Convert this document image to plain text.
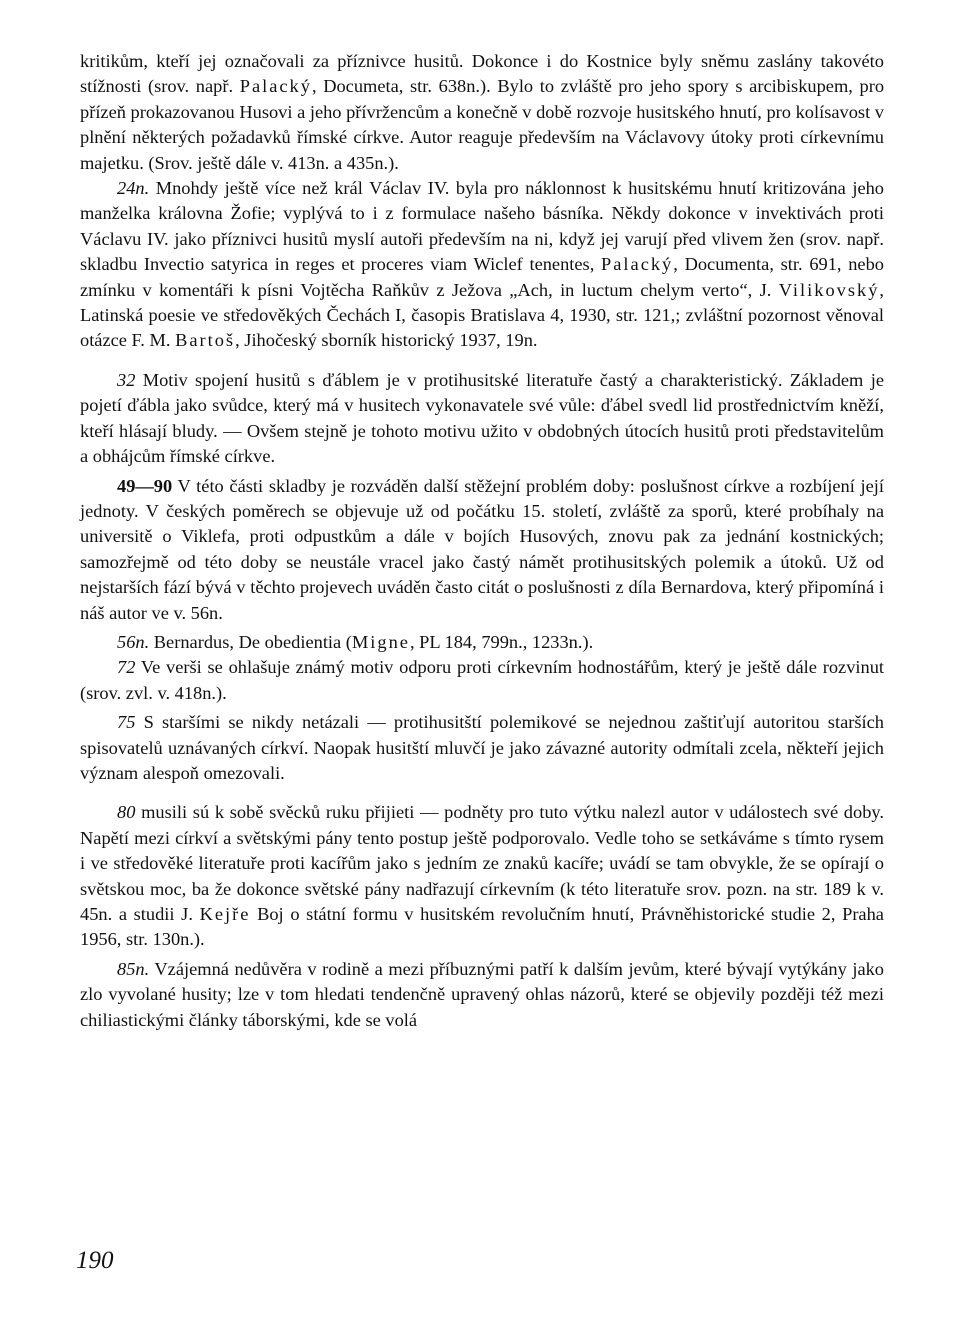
kritikům, kteří jej označovali za příznivce husitů. Dokonce i do Kostnice byly sněmu zaslány takovéto stížnosti (srov. např. Palacký, Documeta, str. 638n.). Bylo to zvláště pro jeho spory s arcibiskupem, pro přízeň prokazovanou Husovi a jeho přívržencům a konečně v době rozvoje husitského hnutí, pro kolísavost v plnění některých požadavků římské církve. Autor reaguje především na Václavovy útoky proti církevnímu majetku. (Srov. ještě dále v. 413n. a 435n.).

24n. Mnohdy ještě více než král Václav IV. byla pro náklonnost k husitskému hnutí kritizována jeho manželka královna Žofie; vyplývá to i z formulace našeho básníka. Někdy dokonce v invektivách proti Václavu IV. jako příznivci husitů myslí autoři především na ni, když jej varují před vlivem žen (srov. např. skladbu Invectio satyrica in reges et proceres viam Wiclef tenentes, Palacký, Documenta, str. 691, nebo zmínku v komentáři k písni Vojtěcha Raňkův z Ježova „Ach, in luctum chelym verto“, J. Vilikovský, Latinská poesie ve středověkých Čechách I, časopis Bratislava 4, 1930, str. 121,; zvláštní pozornost věnoval otázce F. M. Bartoš, Jihočeský sborník historický 1937, 19n.

32 Motiv spojení husitů s ďáblem je v protihusitské literatuře častý a charakteristický. Základem je pojetí ďábla jako svůdce, který má v husitech vykonavatele své vůle: ďábel svedl lid prostřednictvím kněží, kteří hlásají bludy. — Ovšem stejně je tohoto motivu užito v obdobných útocích husitů proti představitelům a obhájcům římské církve.

49—90 V této části skladby je rozváděn další stěžejní problém doby: poslušnost církve a rozbíjení její jednoty. V českých poměrech se objevuje už od počátku 15. století, zvláště za sporů, které probíhaly na universitě o Viklefa, proti odpustkům a dále v bojích Husových, znovu pak za jednání kostnických; samozřejmě od této doby se neustále vracel jako častý námět protihusitských polemik a útoků. Už od nejstarších fází bývá v těchto projevech uváděn často citát o poslušnosti z díla Bernardova, který připomíná i náš autor ve v. 56n.

56n. Bernardus, De obedientia (Migne, PL 184, 799n., 1233n.).

72 Ve verši se ohlašuje známý motiv odporu proti církevním hodnostářům, který je ještě dále rozvinut (srov. zvl. v. 418n.).

75 S staršími se nikdy netázali — protihusitští polemikové se nejednou zaštiťují autoritou starších spisovatelů uznávaných církví. Naopak husitští mluvčí je jako závazné autority odmítali zcela, někteří jejich význam alespoň omezovali.

80 musili sú k sobě svěcků ruku přijieti — podněty pro tuto výtku nalezl autor v událostech své doby. Napětí mezi církví a světskými pány tento postup ještě podporovalo. Vedle toho se setkáváme s tímto rysem i ve středověké literatuře proti kacířům jako s jedním ze znaků kacíře; uvádí se tam obvykle, že se opírají o světskou moc, ba že dokonce světské pány nadřazují církevním (k této literatuře srov. pozn. na str. 189 k v. 45n. a studii J. Kejře Boj o státní formu v husitském revolučním hnutí, Právněhistorické studie 2, Praha 1956, str. 130n.).

85n. Vzájemná nedůvěra v rodině a mezi příbuznými patří k dalším jevům, které bývají vytýkány jako zlo vyvolané husity; lze v tom hledati tendenčně upravený ohlas názorů, které se objevily později též mezi chiliastickými články táborskými, kde se volá

190
